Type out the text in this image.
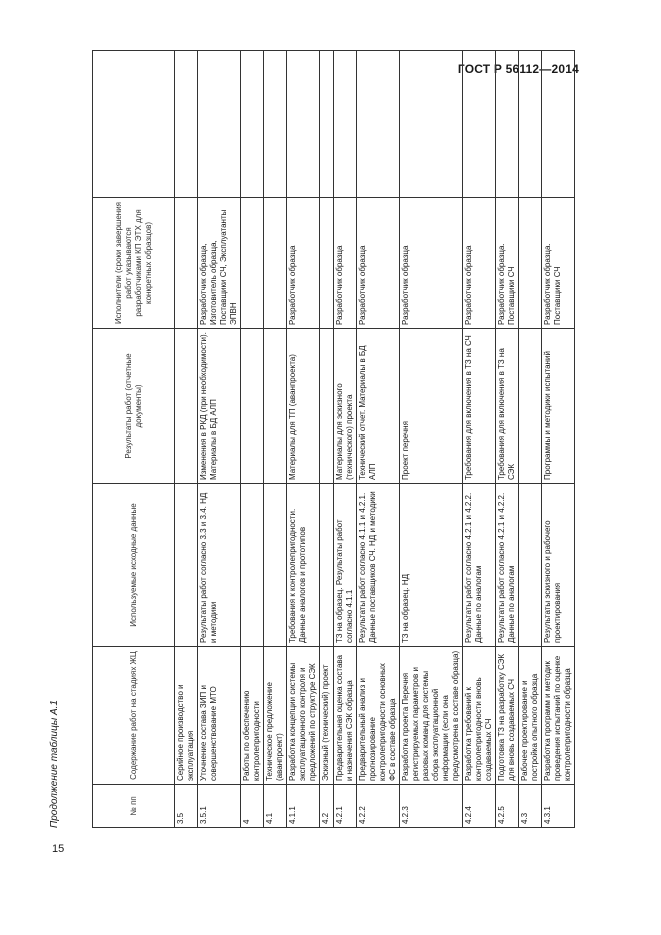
ГОСТ Р 56112—2014
Продолжение таблицы А.1	№ пп	Содержание работ на стадиях ЖЦ	Используемые исходные данные	Результаты работ (отчетные документы)	Исполнители (сроки завершения работ указываются разработчиками КП ЭТХ для конкретных образцов)	
3.5	Серийное производство и эксплуатация				
3.5.1	Уточнение состава ЗИП и совершенствование МТО	Результаты работ согласно 3.3 и 3.4. НД и методики	Изменения в РКД (при необходимости). Материалы в БД АЛП	Разработчик образца, Изготовитель образца, Поставщики СЧ, Эксплуатанты ЭПВН	
4	Работы по обеспечению контролепригодности				
4.1	Техническое предложение (аванпроект)				
4.1.1	Разработка концепции системы эксплуатационного контроля и предложений по структуре СЭК	Требования к контролепригодности. Данные аналогов и прототипов	Материалы для ТП (аванпроекта)	Разработчик образца	
4.2	Эскизный (технический) проект				
4.2.1	Предварительная оценка состава и назначения СЭК образца	ТЗ на образец. Результаты работ согласно 4.1.1	Материалы для эскизного (технического) проекта	Разработчик образца	
4.2.2	Предварительный анализ и прогнозирование контролепригодности основных ФС в составе образца	Результаты работ согласно 4.1.1 и 4.2.1. Данные поставщиков СЧ. НД и методики	Технический отчет. Материалы в БД АЛП	Разработчик образца	
4.2.3	Разработка проекта Перечня регистрируемых параметров и разовых команд для системы сбора эксплуатационной информации (если она предусмотрена в составе образца)	ТЗ на образец. НД	Проект перечня	Разработчик образца	
4.2.4	Разработка требований к контролепригодности вновь создаваемых СЧ	Результаты работ согласно 4.2.1 и 4.2.2. Данные по аналогам	Требования для включения в ТЗ на СЧ	Разработчик образца	
4.2.5	Подготовка ТЗ на разработку СЭК для вновь создаваемых СЧ	Результаты работ согласно 4.2.1 и 4.2.2. Данные по аналогам	Требования для включения в ТЗ на СЭК	Разработчик образца. Поставщики СЧ	
4.3	Рабочее проектирование и постройка опытного образца				
4.3.1	Разработка программ и методик проведения испытаний по оценке контролепригодности образца	Результаты эскизного и рабочего проектирования	Программы и методики испытаний	Разработчик образца. Поставщики СЧ	
15
